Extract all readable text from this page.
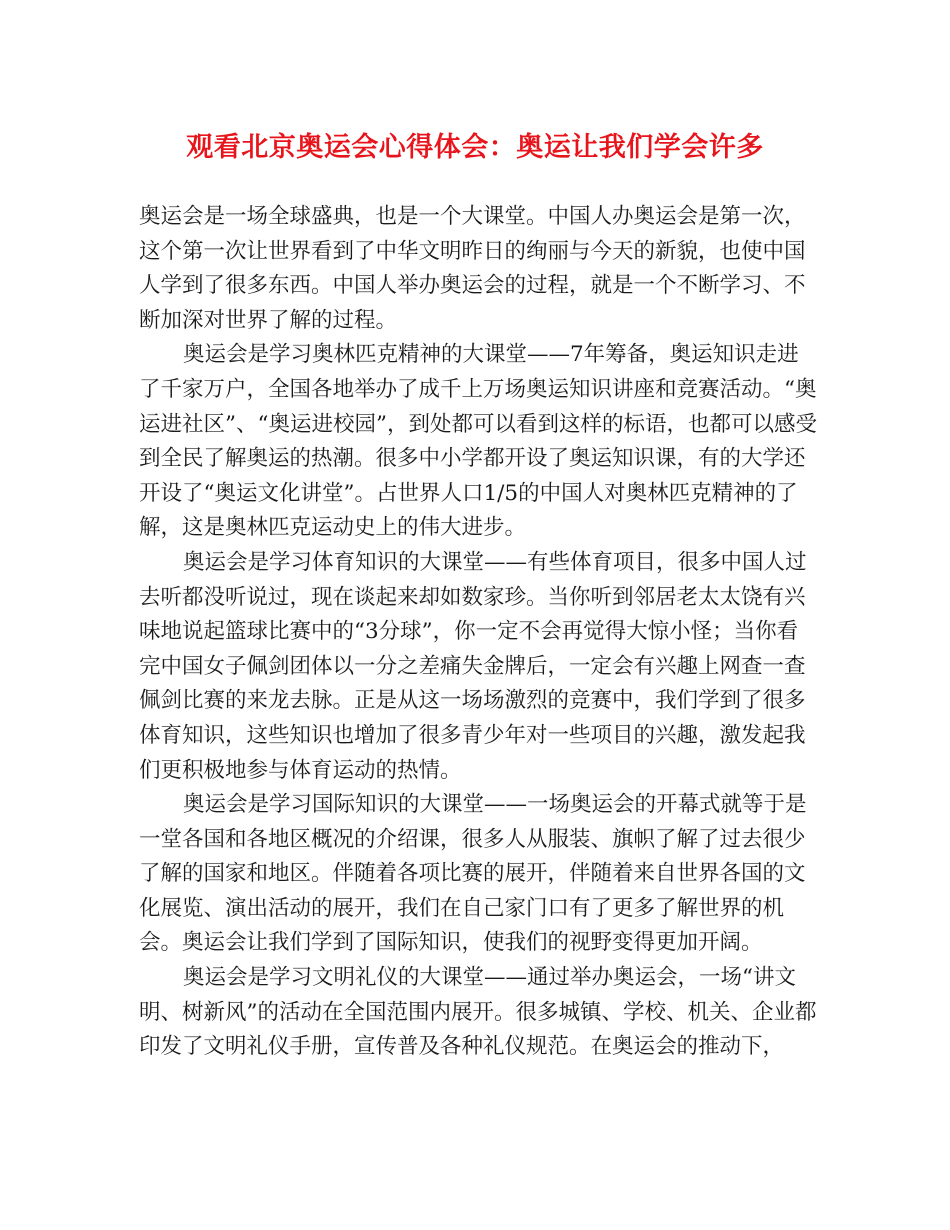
观看北京奥运会心得体会：奥运让我们学会许多

奥运会是一场全球盛典，也是一个大课堂。中国人办奥运会是第一次，这个第一次让世界看到了中华文明昨日的绚丽与今天的新貌，也使中国人学到了很多东西。中国人举办奥运会的过程，就是一个不断学习、不断加深对世界了解的过程。

奥运会是学习奥林匹克精神的大课堂——7年筹备，奥运知识走进了千家万户，全国各地举办了成千上万场奥运知识讲座和竞赛活动。“奥运进社区”、“奥运进校园”，到处都可以看到这样的标语，也都可以感受到全民了解奥运的热潮。很多中小学都开设了奥运知识课，有的大学还开设了“奥运文化讲堂”。占世界人口1/5的中国人对奥林匹克精神的了解，这是奥林匹克运动史上的伟大进步。

奥运会是学习体育知识的大课堂——有些体育项目，很多中国人过去听都没听说过，现在谈起来却如数家珍。当你听到邻居老太太饶有兴味地说起篮球比赛中的“3分球”，你一定不会再觉得大惊小怪；当你看完中国女子佩剑团体以一分之差痛失金牌后，一定会有兴趣上网查一查佩剑比赛的来龙去脉。正是从这一场场激烈的竞赛中，我们学到了很多体育知识，这些知识也增加了很多青少年对一些项目的兴趣，激发起我们更积极地参与体育运动的热情。

奥运会是学习国际知识的大课堂——一场奥运会的开幕式就等于是一堂各国和各地区概况的介绍课，很多人从服装、旗帜了解了过去很少了解的国家和地区。伴随着各项比赛的展开，伴随着来自世界各国的文化展览、演出活动的展开，我们在自己家门口有了更多了解世界的机会。奥运会让我们学到了国际知识，使我们的视野变得更加开阔。

奥运会是学习文明礼仪的大课堂——通过举办奥运会，一场“讲文明、树新风”的活动在全国范围内展开。很多城镇、学校、机关、企业都印发了文明礼仪手册，宣传普及各种礼仪规范。在奥运会的推动下，
